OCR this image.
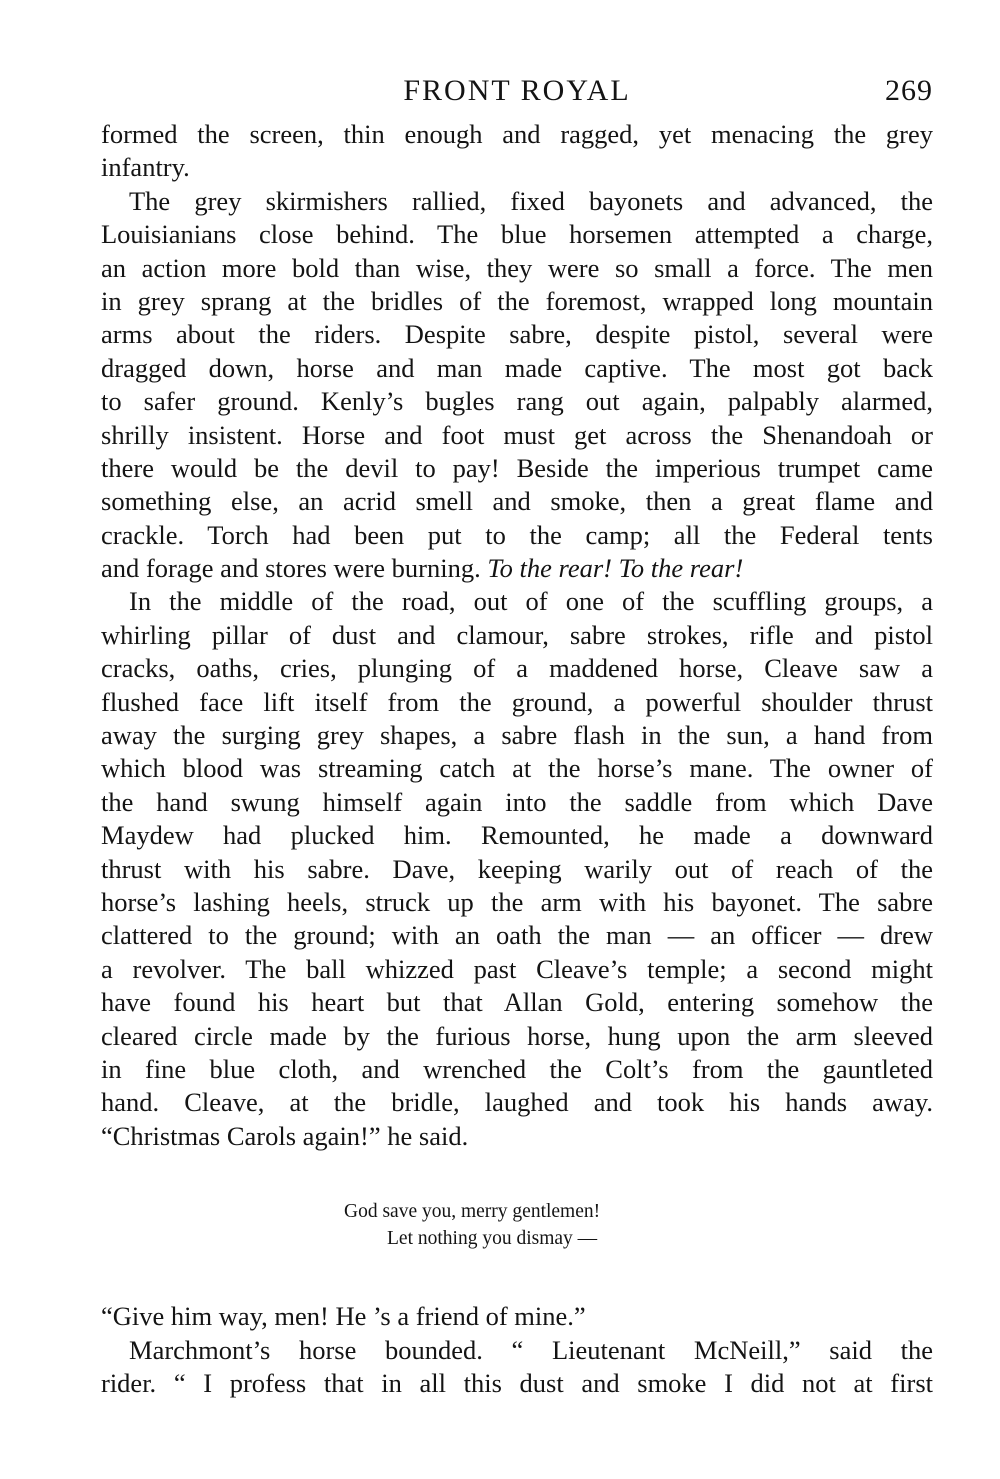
FRONT ROYAL	269
formed the screen, thin enough and ragged, yet menacing the grey
infantry.
The grey skirmishers rallied, fixed bayonets and advanced, the
Louisianians close behind. The blue horsemen attempted a charge,
an action more bold than wise, they were so small a force. The men
in grey sprang at the bridles of the foremost, wrapped long mountain
arms about the riders. Despite sabre, despite pistol, several were
dragged down, horse and man made captive. The most got back
to safer ground. Kenly’s bugles rang out again, palpably alarmed,
shrilly insistent. Horse and foot must get across the Shenandoah or
there would be the devil to pay! Beside the imperious trumpet came
something else, an acrid smell and smoke, then a great flame and
crackle. Torch had been put to the camp; all the Federal tents
and forage and stores were burning. To the rear! To the rear!
In the middle of the road, out of one of the scuffling groups, a
whirling pillar of dust and clamour, sabre strokes, rifle and pistol
cracks, oaths, cries, plunging of a maddened horse, Cleave saw a
flushed face lift itself from the ground, a powerful shoulder thrust
away the surging grey shapes, a sabre flash in the sun, a hand from
which blood was streaming catch at the horse’s mane. The owner of
the hand swung himself again into the saddle from which Dave
Maydew had plucked him. Remounted, he made a downward
thrust with his sabre. Dave, keeping warily out of reach of the
horse’s lashing heels, struck up the arm with his bayonet. The sabre
clattered to the ground; with an oath the man — an officer — drew
a revolver. The ball whizzed past Cleave’s temple; a second might
have found his heart but that Allan Gold, entering somehow the
cleared circle made by the furious horse, hung upon the arm sleeved
in fine blue cloth, and wrenched the Colt’s from the gauntleted
hand. Cleave, at the bridle, laughed and took his hands away.
“Christmas Carols again!” he said.
God save you, merry gentlemen!
Let nothing you dismay —
“Give him way, men! He ’s a friend of mine.”
Marchmont’s horse bounded. “ Lieutenant McNeill,” said the
rider. “ I profess that in all this dust and smoke I did not at first
